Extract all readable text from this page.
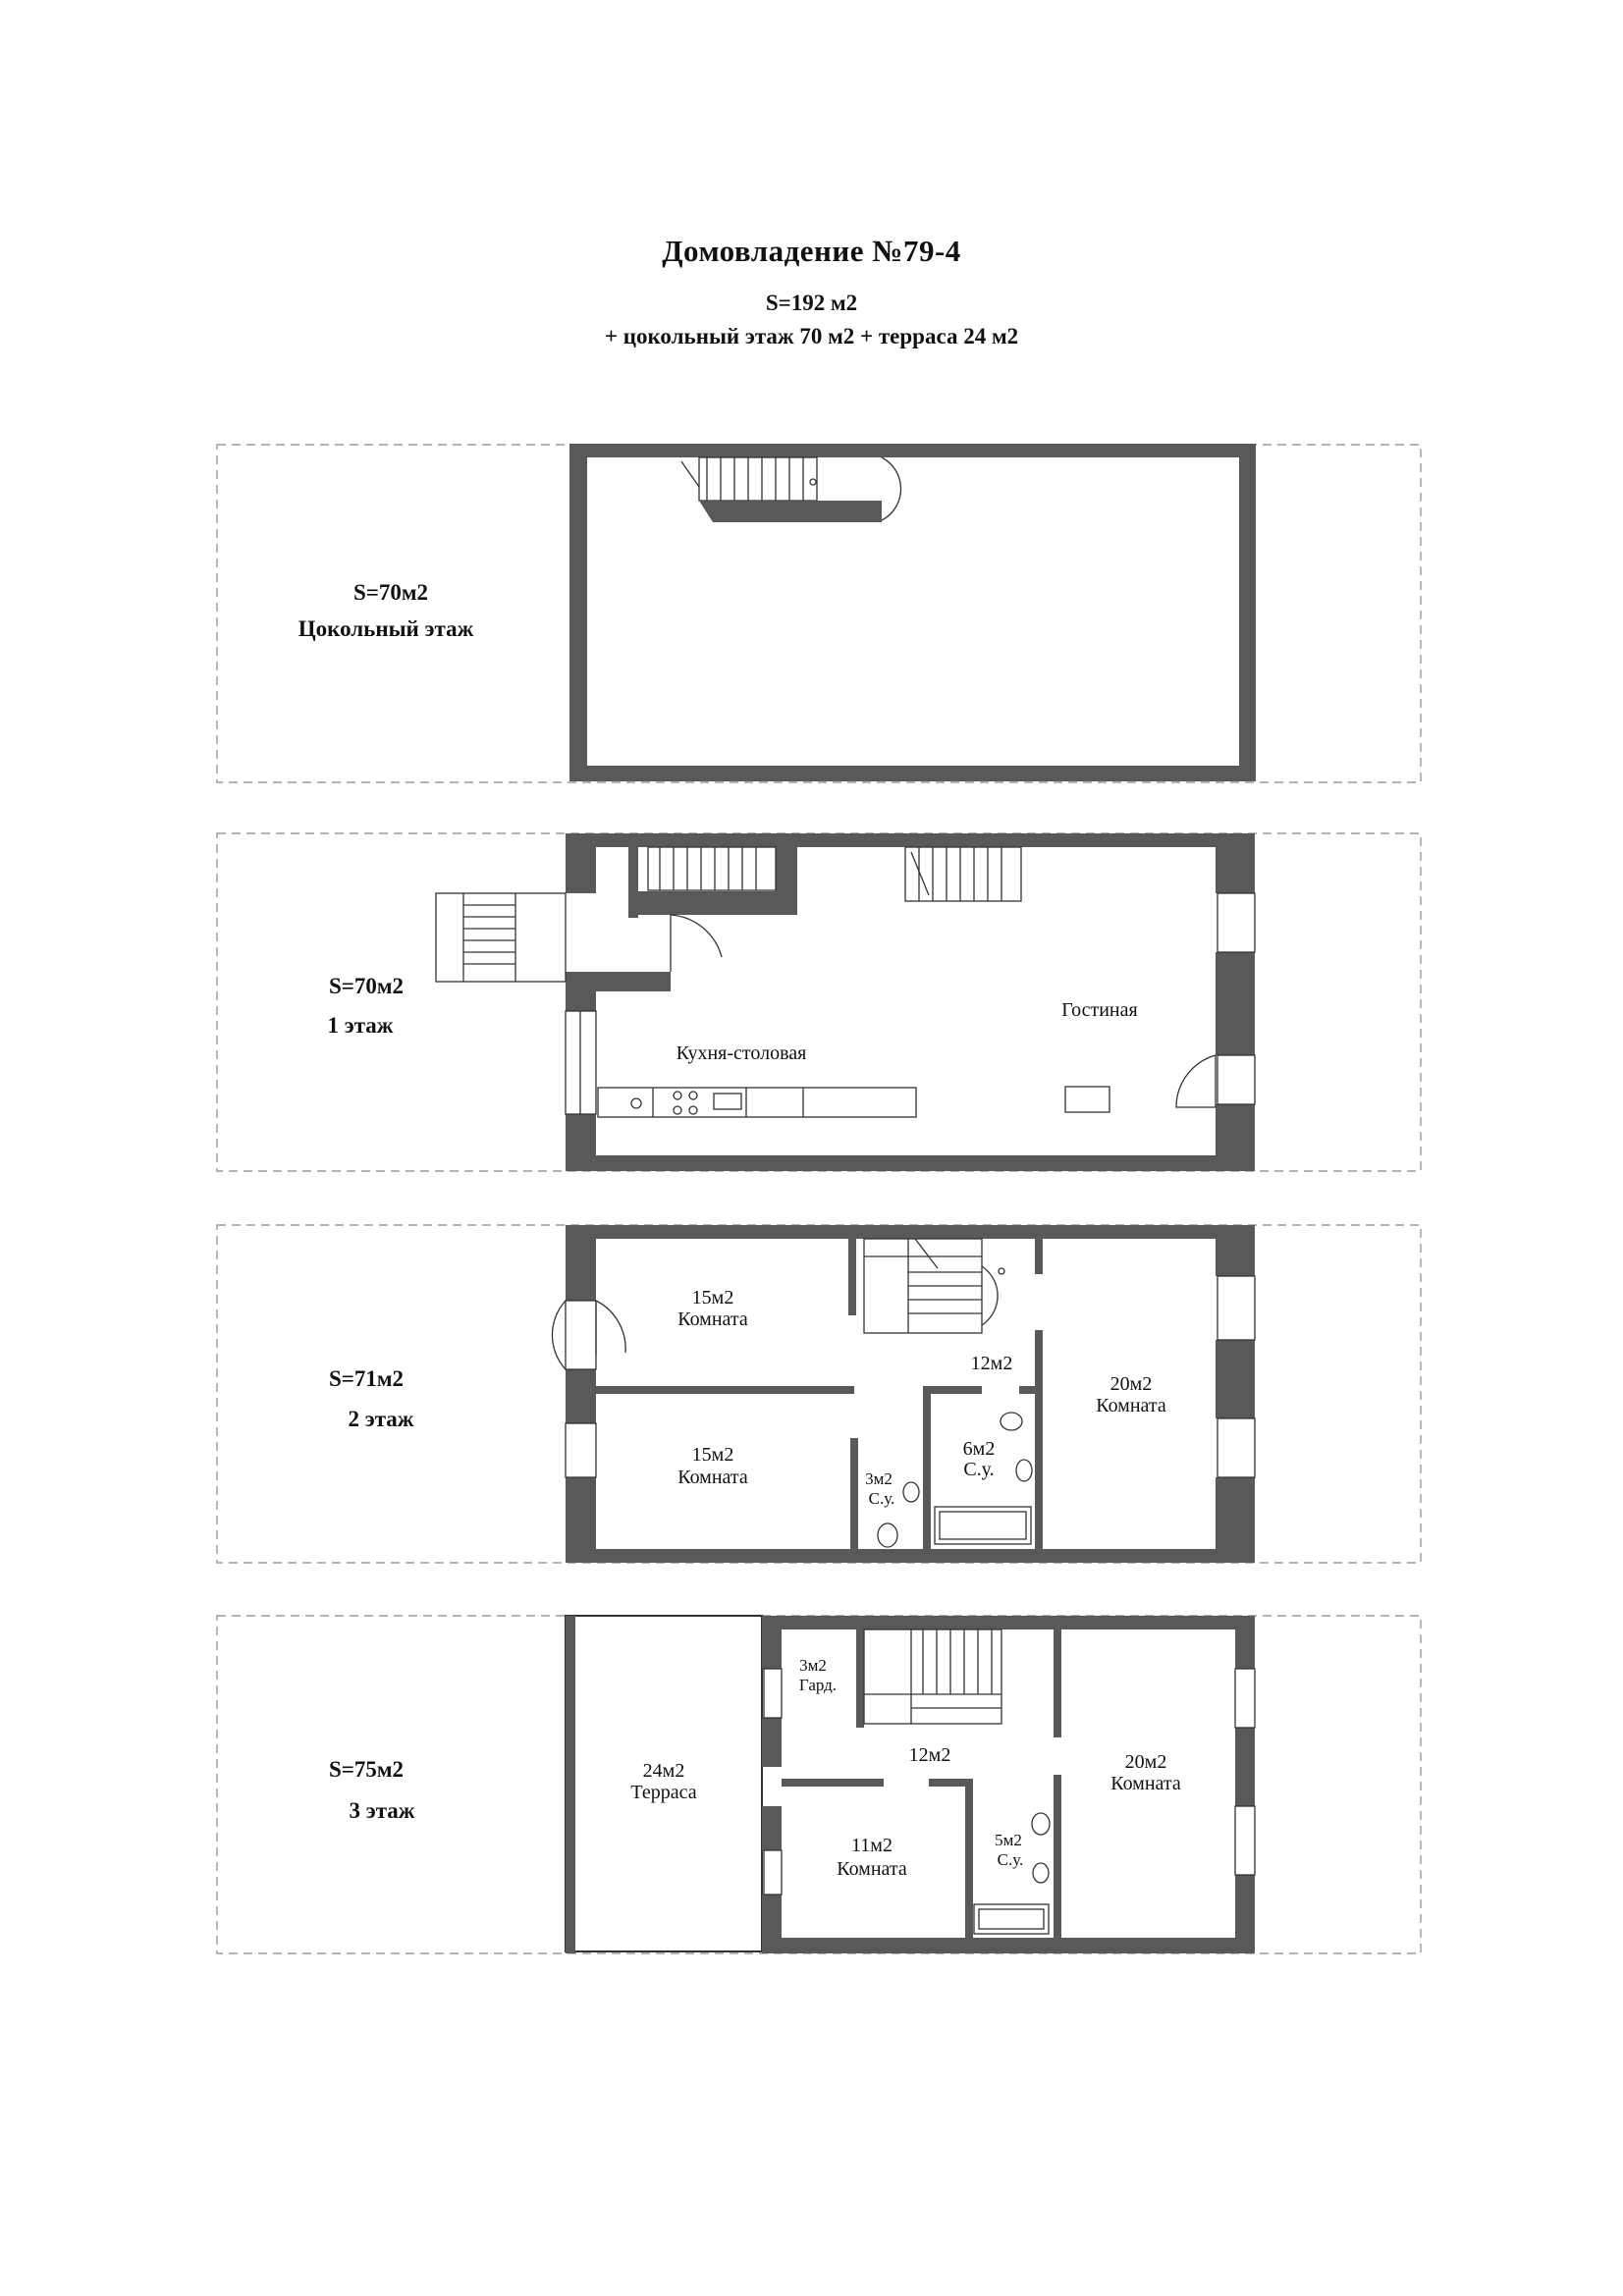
Домовладение №79-4
S=192 м2
+ цокольный этаж 70 м2 + терраса 24 м2
S=70м2
Цокольный этаж
S=70м2
1 этаж
Кухня-столовая
Гостиная
S=71м2
2 этаж
15м2
Комната
15м2
Комната
12м2
20м2
Комната
3м2
С.у.
6м2
С.у.
S=75м2
3 этаж
3м2
Гард.
12м2
24м2
Терраса
20м2
Комната
11м2
Комната
5м2
С.у.
